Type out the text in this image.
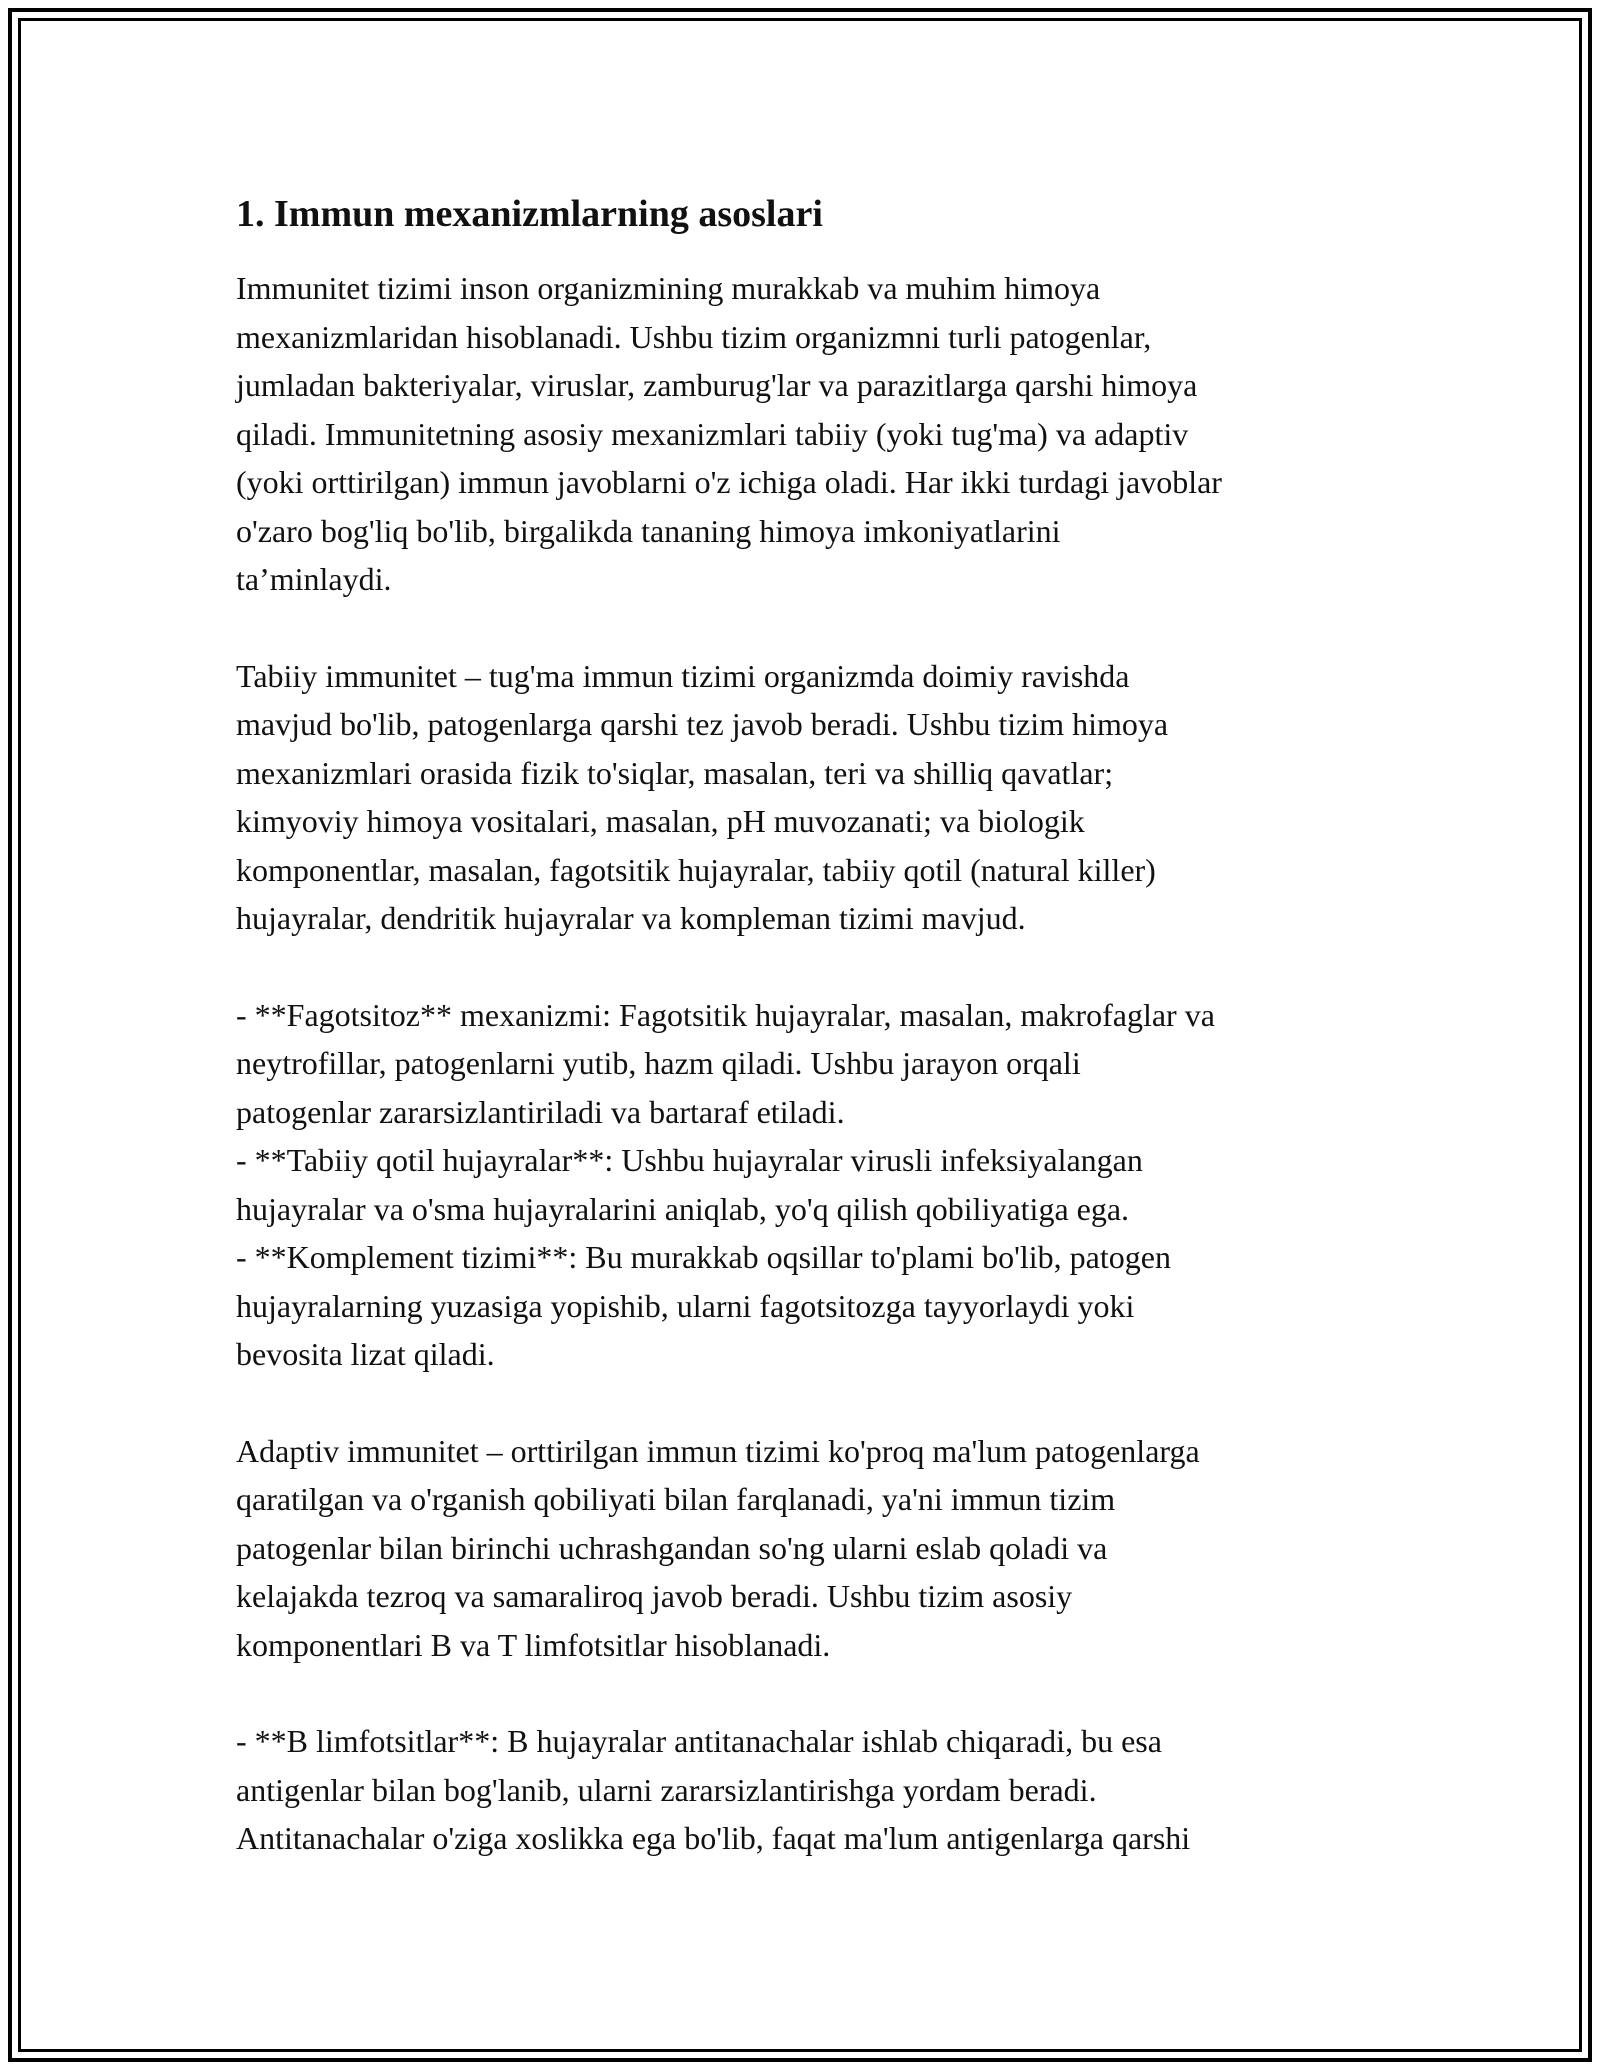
1. Immun mexanizmlarning asoslari
Immunitet tizimi inson organizmining murakkab va muhim himoya
mexanizmlaridan hisoblanadi. Ushbu tizim organizmni turli patogenlar,
jumladan bakteriyalar, viruslar, zamburug'lar va parazitlarga qarshi himoya
qiladi. Immunitetning asosiy mexanizmlari tabiiy (yoki tug'ma) va adaptiv
(yoki orttirilgan) immun javoblarni o'z ichiga oladi. Har ikki turdagi javoblar
o'zaro bog'liq bo'lib, birgalikda tananing himoya imkoniyatlarini
ta’minlaydi.
Tabiiy immunitet – tug'ma immun tizimi organizmda doimiy ravishda
mavjud bo'lib, patogenlarga qarshi tez javob beradi. Ushbu tizim himoya
mexanizmlari orasida fizik to'siqlar, masalan, teri va shilliq qavatlar;
kimyoviy himoya vositalari, masalan, pH muvozanati; va biologik
komponentlar, masalan, fagotsitik hujayralar, tabiiy qotil (natural killer)
hujayralar, dendritik hujayralar va kompleman tizimi mavjud.
- **Fagotsitoz** mexanizmi: Fagotsitik hujayralar, masalan, makrofaglar va
neytrofillar, patogenlarni yutib, hazm qiladi. Ushbu jarayon orqali
patogenlar zararsizlantiriladi va bartaraf etiladi.
- **Tabiiy qotil hujayralar**: Ushbu hujayralar virusli infeksiyalangan
hujayralar va o'sma hujayralarini aniqlab, yo'q qilish qobiliyatiga ega.
- **Komplement tizimi**: Bu murakkab oqsillar to'plami bo'lib, patogen
hujayralarning yuzasiga yopishib, ularni fagotsitozga tayyorlaydi yoki
bevosita lizat qiladi.
Adaptiv immunitet – orttirilgan immun tizimi ko'proq ma'lum patogenlarga
qaratilgan va o'rganish qobiliyati bilan farqlanadi, ya'ni immun tizim
patogenlar bilan birinchi uchrashgandan so'ng ularni eslab qoladi va
kelajakda tezroq va samaraliroq javob beradi. Ushbu tizim asosiy
komponentlari B va T limfotsitlar hisoblanadi.
- **B limfotsitlar**: B hujayralar antitanachalar ishlab chiqaradi, bu esa
antigenlar bilan bog'lanib, ularni zararsizlantirishga yordam beradi.
Antitanachalar o'ziga xoslikka ega bo'lib, faqat ma'lum antigenlarga qarshi
